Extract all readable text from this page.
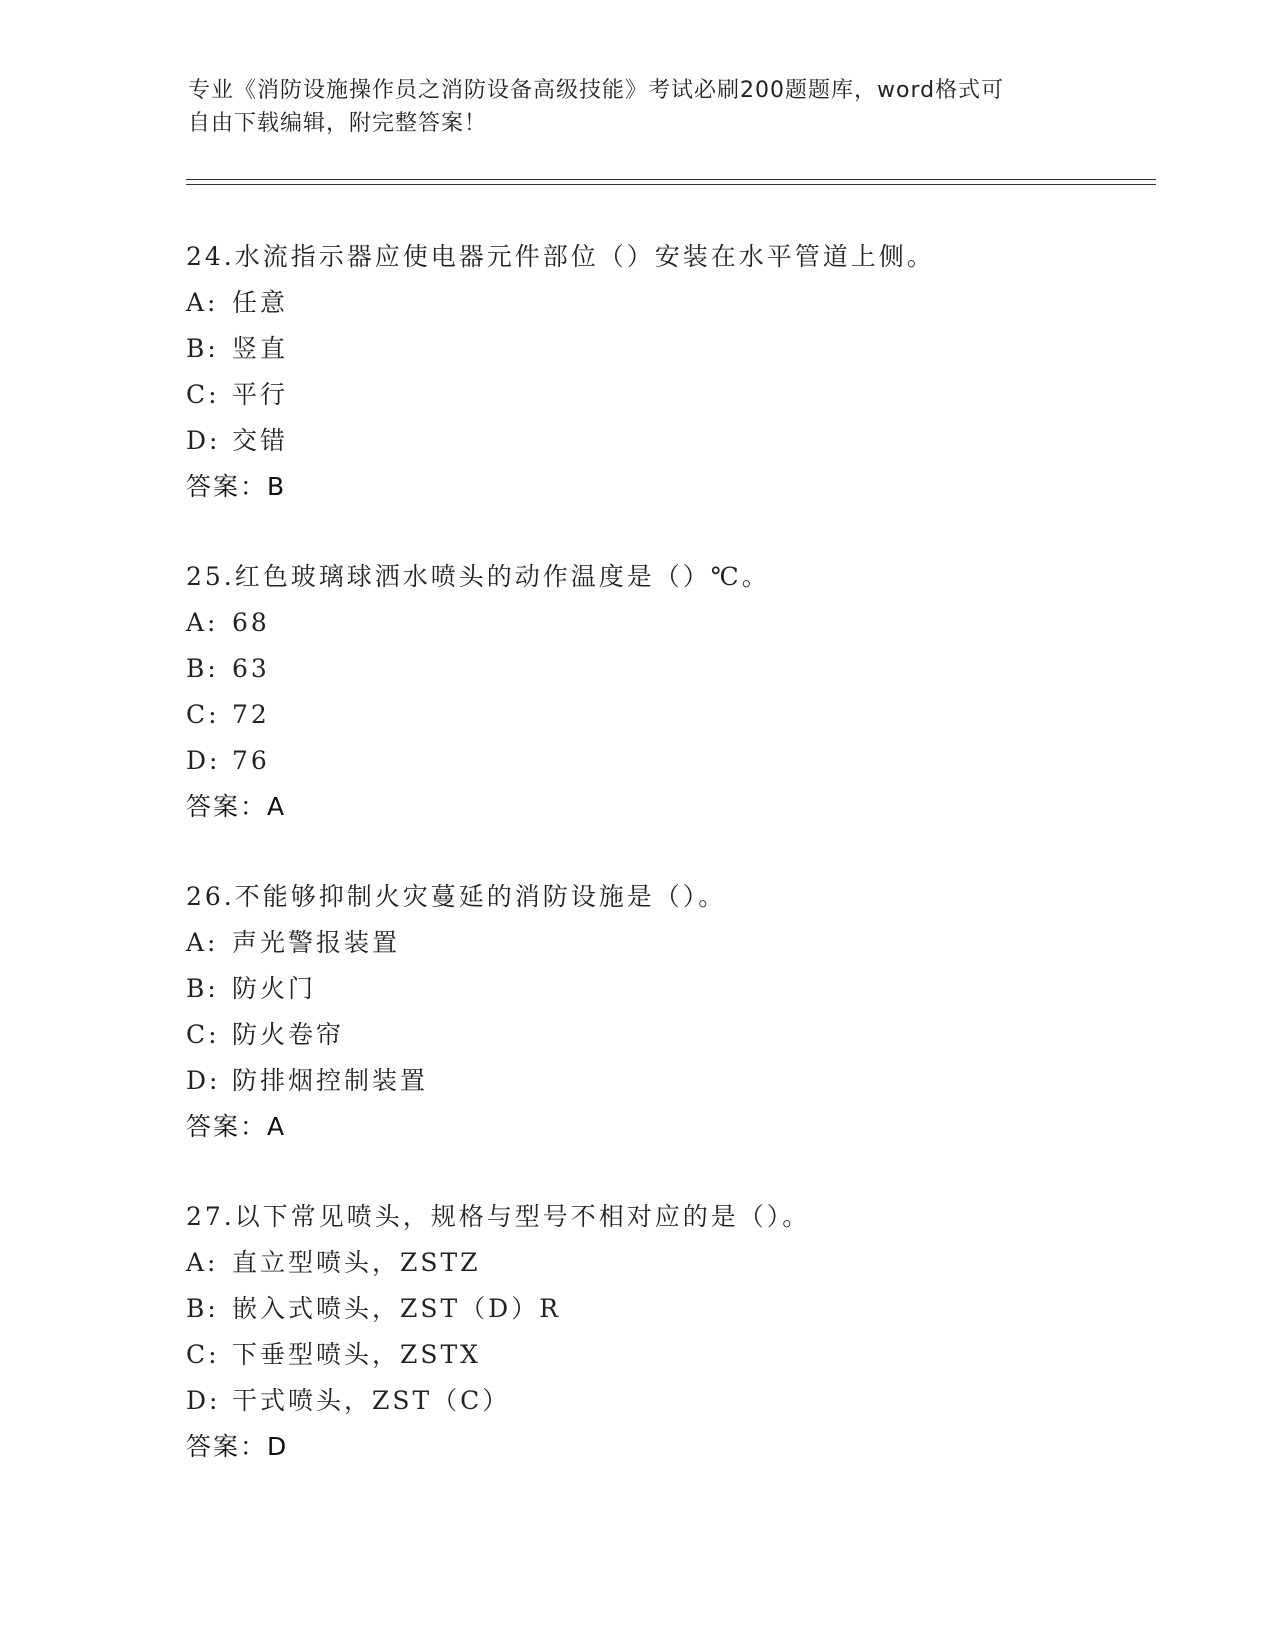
专业《消防设施操作员之消防设备高级技能》考试必刷200题题库，word格式可
自由下载编辑，附完整答案！
24.水流指示器应使电器元件部位（）安装在水平管道上侧。
A: 任意
B: 竖直
C: 平行
D: 交错
答案：B
25.红色玻璃球洒水喷头的动作温度是（）℃。
A: 68
B: 63
C: 72
D: 76
答案：A
26.不能够抑制火灾蔓延的消防设施是（）。
A: 声光警报装置
B: 防火门
C: 防火卷帘
D: 防排烟控制装置
答案：A
27.以下常见喷头，规格与型号不相对应的是（）。
A: 直立型喷头，ZSTZ
B: 嵌入式喷头，ZST（D）R
C: 下垂型喷头，ZSTX
D: 干式喷头，ZST（C）
答案：D
